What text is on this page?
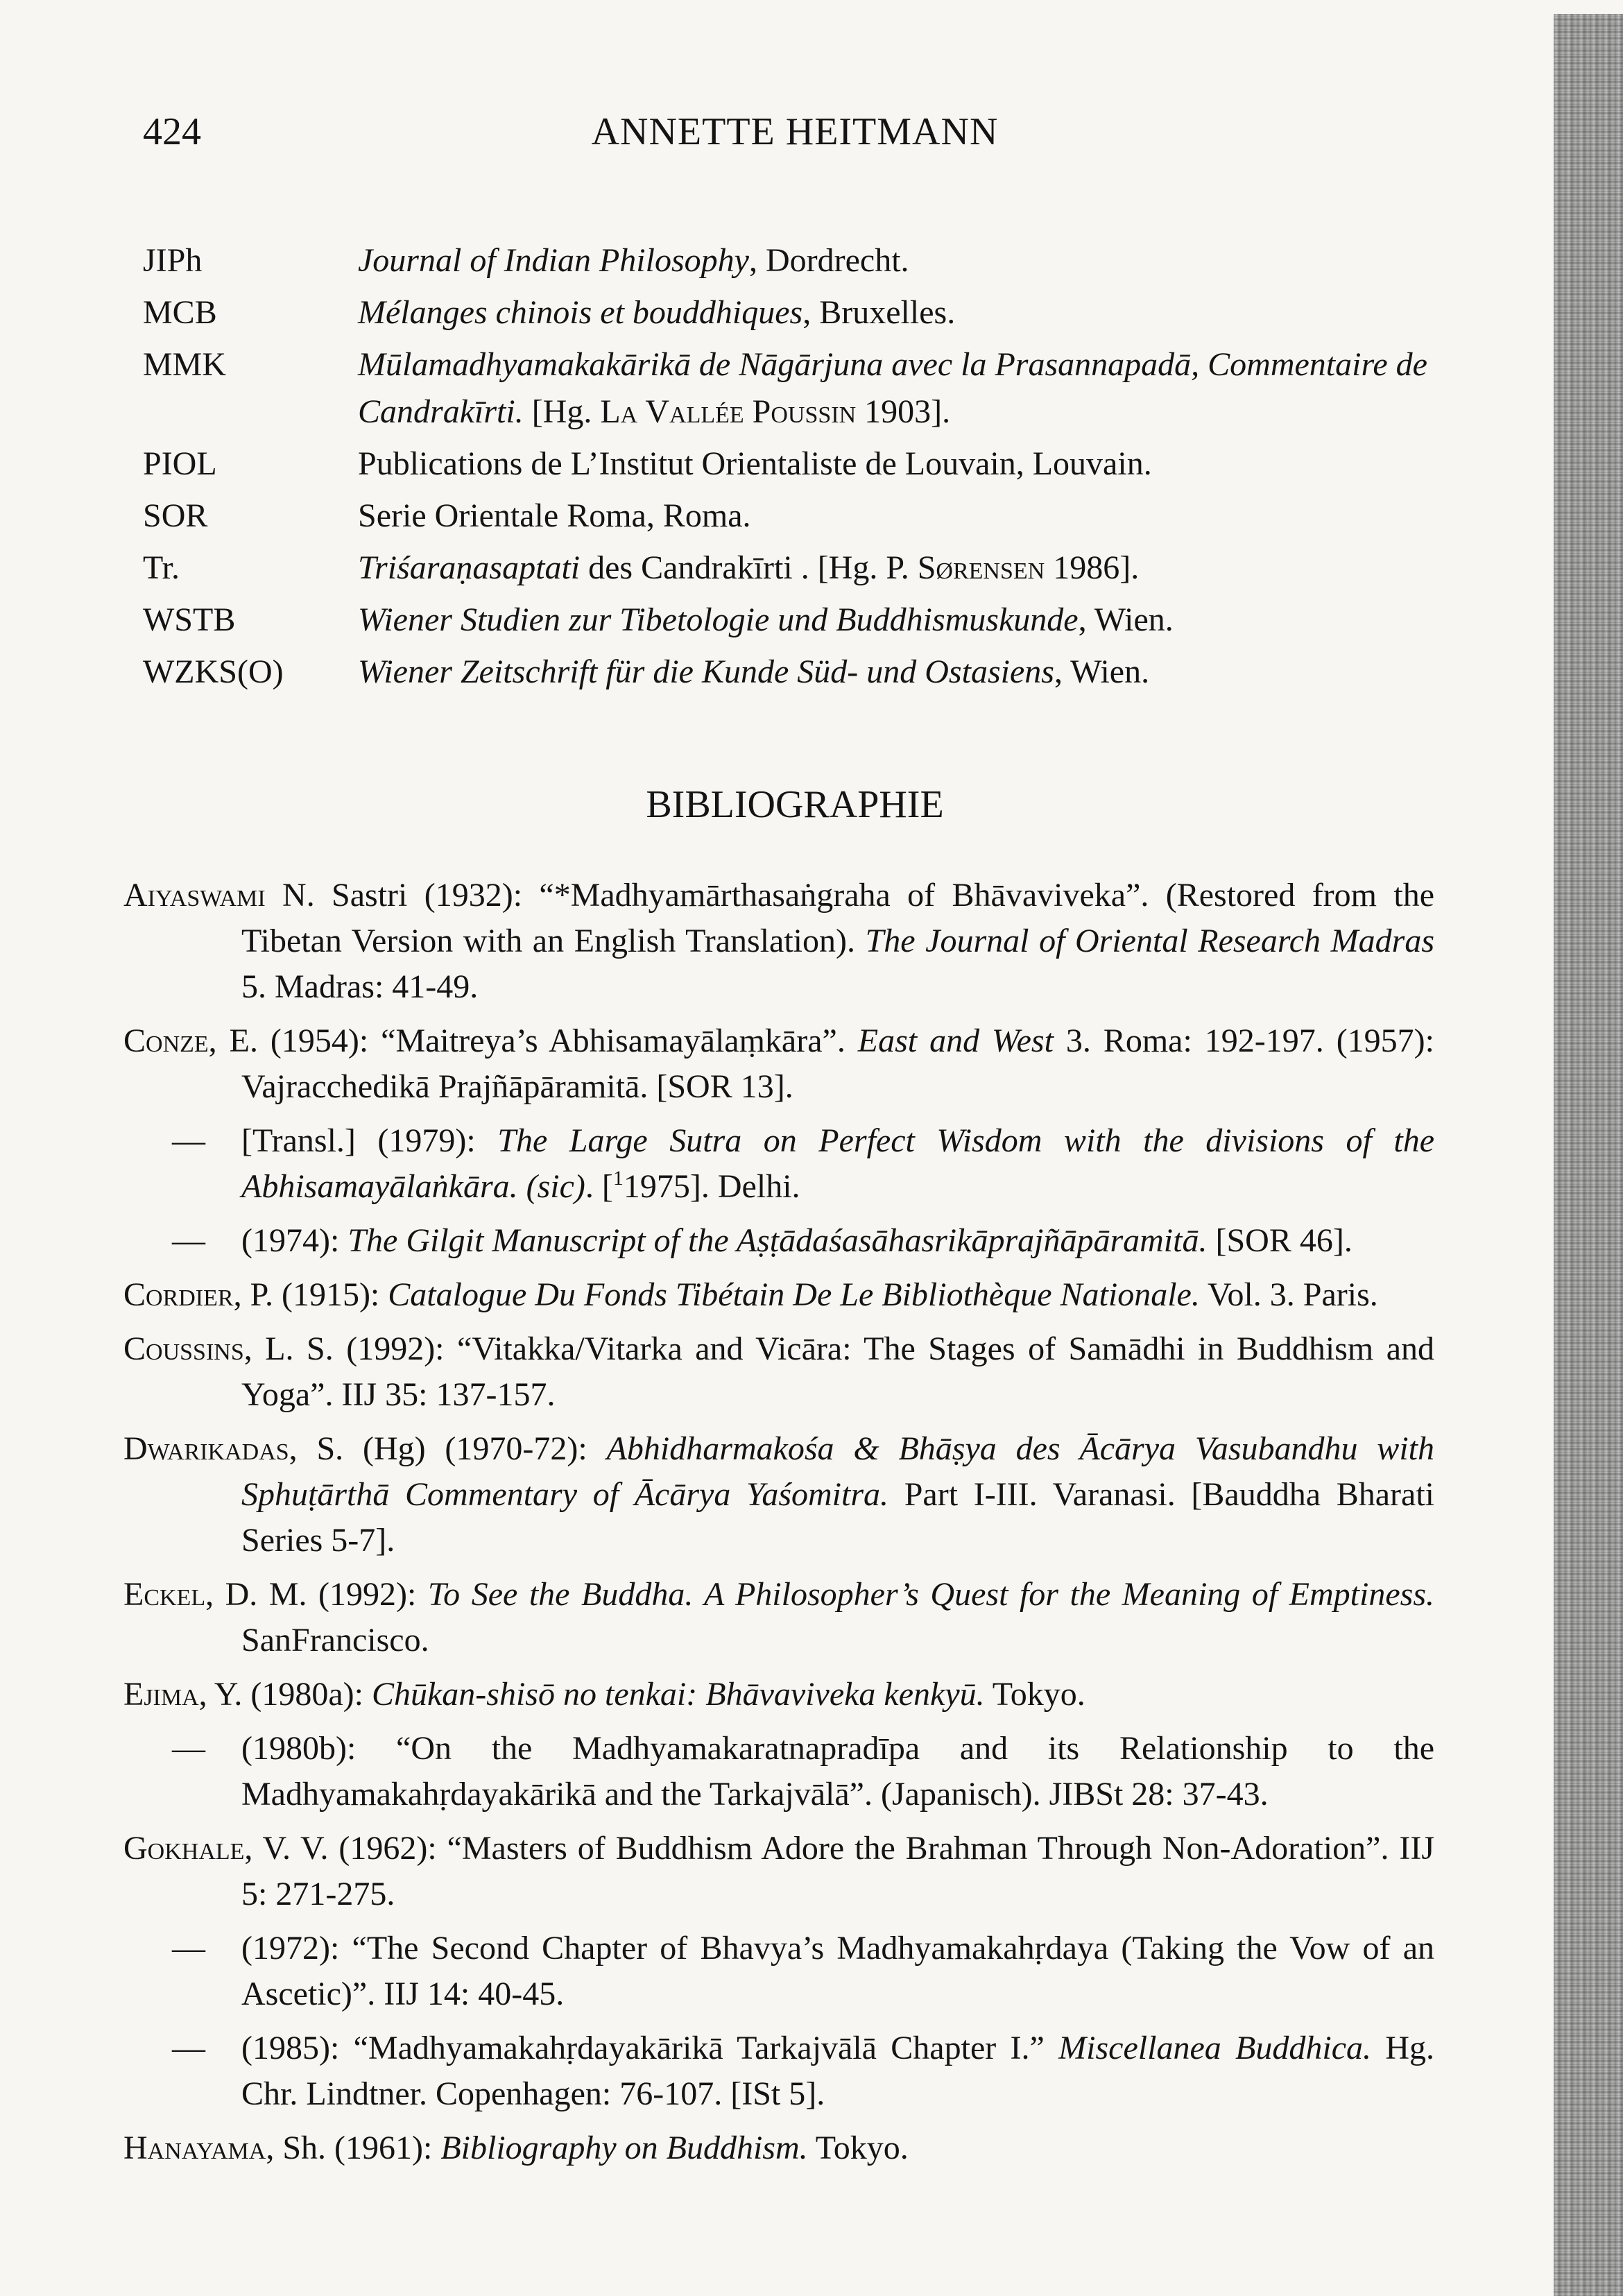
424	ANNETTE HEITMANN
JIPh	Journal of Indian Philosophy, Dordrecht.
MCB	Mélanges chinois et bouddhiques, Bruxelles.
MMK	Mūlamadhyamakakārikā de Nāgārjuna avec la Prasannapadā, Commentaire de Candrakīrti. [Hg. La Vallée Poussin 1903].
PIOL	Publications de L’Institut Orientaliste de Louvain, Louvain.
SOR	Serie Orientale Roma, Roma.
Tr.	Triśaraṇasaptati des Candrakīrti . [Hg. P. Sørensen 1986].
WSTB	Wiener Studien zur Tibetologie und Buddhismuskunde, Wien.
WZKS(O)	Wiener Zeitschrift für die Kunde Süd- und Ostasiens, Wien.
BIBLIOGRAPHIE
Aiyaswami N. Sastri (1932): “*Madhyamārthasaṅgraha of Bhāvaviveka”. (Restored from the Tibetan Version with an English Translation). The Journal of Oriental Research Madras 5. Madras: 41-49.
Conze, E. (1954): “Maitreya’s Abhisamayālaṃkāra”. East and West 3. Roma: 192-197. (1957): Vajracchedikā Prajñāpāramitā. [SOR 13].
— [Transl.] (1979): The Large Sutra on Perfect Wisdom with the divisions of the Abhisamayālaṅkāra. (sic). [$^1$1975]. Delhi.
— (1974): The Gilgit Manuscript of the Aṣṭādaśasāhasrikāprajñāpāramitā. [SOR 46].
Cordier, P. (1915): Catalogue Du Fonds Tibétain De Le Bibliothèque Nationale. Vol. 3. Paris.
Coussins, L. S. (1992): “Vitakka/Vitarka and Vicāra: The Stages of Samādhi in Buddhism and Yoga”. IIJ 35: 137-157.
Dwarikadas, S. (Hg) (1970-72): Abhidharmakośa & Bhāṣya des Ācārya Vasubandhu with Sphuṭārthā Commentary of Ācārya Yaśomitra. Part I-III. Varanasi. [Bauddha Bharati Series 5-7].
Eckel, D. M. (1992): To See the Buddha. A Philosopher’s Quest for the Meaning of Emptiness. SanFrancisco.
Ejima, Y. (1980a): Chūkan-shisō no tenkai: Bhāvaviveka kenkyū. Tokyo.
— (1980b): “On the Madhyamakaratnapradīpa and its Relationship to the Madhyamakahṛdayakārikā and the Tarkajvālā”. (Japanisch). JIBSt 28: 37-43.
Gokhale, V. V. (1962): “Masters of Buddhism Adore the Brahman Through Non-Adoration”. IIJ 5: 271-275.
— (1972): “The Second Chapter of Bhavya’s Madhyamakahṛdaya (Taking the Vow of an Ascetic)”. IIJ 14: 40-45.
— (1985): “Madhyamakahṛdayakārikā Tarkajvālā Chapter I.” Miscellanea Buddhica. Hg. Chr. Lindtner. Copenhagen: 76-107. [ISt 5].
Hanayama, Sh. (1961): Bibliography on Buddhism. Tokyo.
